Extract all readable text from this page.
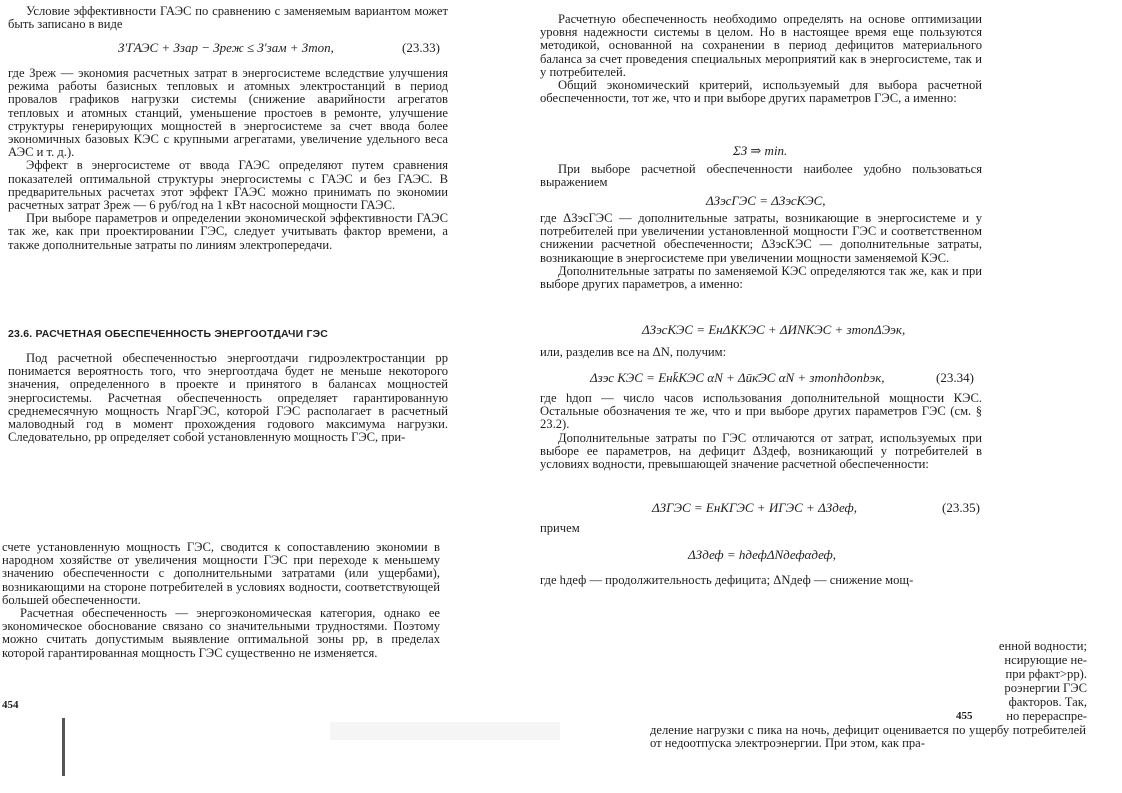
Условие эффективности ГАЭС по сравнению с заменяемым вариантом может быть записано в виде

З′ГАЭС + Ззар − Зреж ≤ З′зам + Зтоп,	(23.33)

где Зреж — экономия расчетных затрат в энергосистеме вследствие улучшения режима работы базисных тепловых и атомных электростанций в период провалов графиков нагрузки системы (снижение аварийности агрегатов тепловых и атомных станций, уменьшение простоев в ремонте, улучшение структуры генерирующих мощностей в энергосистеме за счет ввода более экономичных базовых КЭС с крупными агрегатами, увеличение удельного веса АЭС и т. д.).

Эффект в энергосистеме от ввода ГАЭС определяют путем сравнения показателей оптимальной структуры энергосистемы с ГАЭС и без ГАЭС. В предварительных расчетах этот эффект ГАЭС можно принимать по экономии расчетных затрат Зреж — 6 руб/год на 1 кВт насосной мощности ГАЭС.

При выборе параметров и определении экономической эффективности ГАЭС так же, как при проектировании ГЭС, следует учитывать фактор времени, а также дополнительные затраты по линиям электропередачи.

23.6. РАСЧЕТНАЯ ОБЕСПЕЧЕННОСТЬ ЭНЕРГООТДАЧИ ГЭС

Под расчетной обеспеченностью энергоотдачи гидроэлектростанции pр понимается вероятность того, что энергоотдача будет не меньше некоторого значения, определенного в проекте и принятого в балансах мощностей энергосистемы. Расчетная обеспеченность определяет гарантированную среднемесячную мощность NгарГЭС, которой ГЭС располагает в расчетный маловодный год в момент прохождения годового максимума нагрузки. Следовательно, pр определяет собой установленную мощность ГЭС, при-

счете установленную мощность ГЭС, сводится к сопоставлению экономии в народном хозяйстве от увеличения мощности ГЭС при переходе к меньшему значению обеспеченности с дополнительными затратами (или ущербами), возникающими на стороне потребителей в условиях водности, соответствующей большей обеспеченности.

Расчетная обеспеченность — энергоэкономическая категория, однако ее экономическое обоснование связано со значительными трудностями. Поэтому можно считать допустимым выявление оптимальной зоны pр, в пределах которой гарантированная мощность ГЭС существенно не изменяется.

454

Расчетную обеспеченность необходимо определять на основе оптимизации уровня надежности системы в целом. Но в настоящее время еще пользуются методикой, основанной на сохранении в период дефицитов материального баланса за счет проведения специальных мероприятий как в энергосистеме, так и у потребителей.

Общий экономический критерий, используемый для выбора расчетной обеспеченности, тот же, что и при выборе других параметров ГЭС, а именно:

ΣЗ ⇒ min.

При выборе расчетной обеспеченности наиболее удобно пользоваться выражением

ΔЗэсГЭС = ΔЗэсКЭС,

где ΔЗэсГЭС — дополнительные затраты, возникающие в энергосистеме и у потребителей при увеличении установленной мощности ГЭС и соответственном снижении расчетной обеспеченности; ΔЗэсКЭС — дополнительные затраты, возникающие в энергосистеме при увеличении мощности заменяемой КЭС.

Дополнительные затраты по заменяемой КЭС определяются так же, как и при выборе других параметров, а именно:

ΔЗэсКЭС = EнΔKКЭС + ΔИNКЭС + зтопΔЭэк,

или, разделив все на ΔN, получим:

Δзэс КЭС = Eнk̄КЭС αN + Δūк̄ЭС αN + зтопhдопbэк,	(23.34)

где hдоп — число часов использования дополнительной мощности КЭС. Остальные обозначения те же, что и при выборе других параметров ГЭС (см. § 23.2).

Дополнительные затраты по ГЭС отличаются от затрат, используемых при выборе ее параметров, на дефицит ΔЗдеф, возникающий у потребителей в условиях водности, превышающей значение расчетной обеспеченности:

ΔЗГЭС = EнKГЭС + ИГЭС + ΔЗдеф,	(23.35)

причем

ΔЗдеф = hдефΔNдефαдеф,

где hдеф — продолжительность дефицита; ΔNдеф — снижение мощ-

енной водности;
нсирующие не-
при pфакт>pр).
роэнергии ГЭС
факторов. Так,
но перераспре-
455

деление нагрузки с пика на ночь, дефицит оценивается по ущербу потребителей от недоотпуска электроэнергии. При этом, как пра-
